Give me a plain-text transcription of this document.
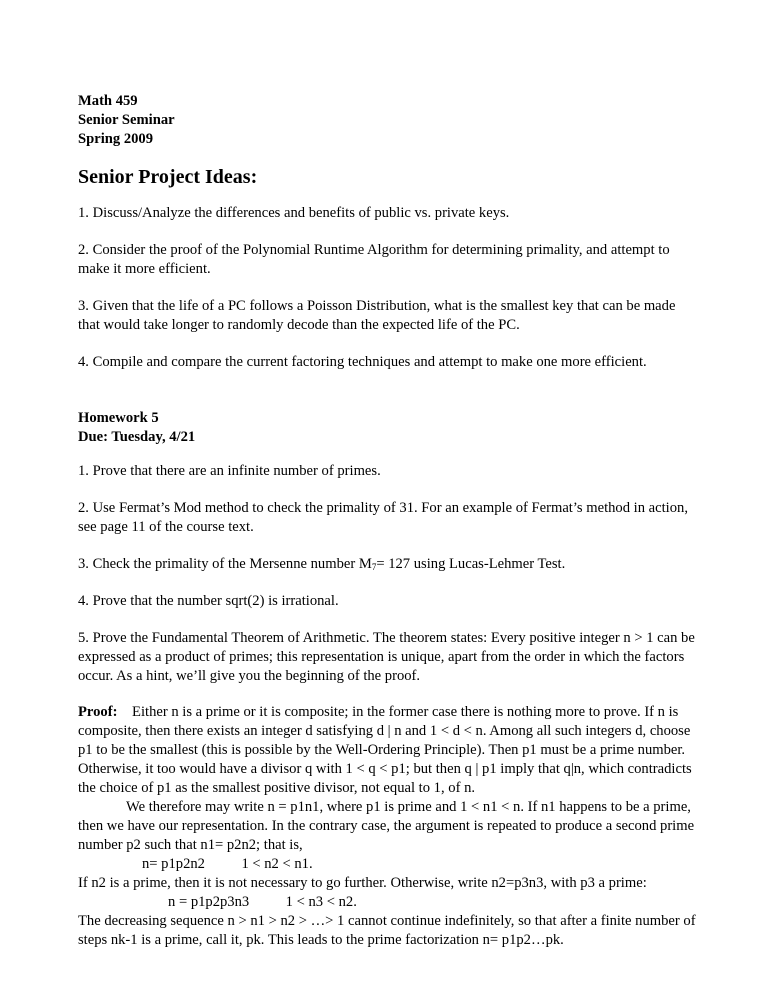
Math 459
Senior Seminar
Spring 2009
Senior Project Ideas:

1. Discuss/Analyze the differences and benefits of public vs. private keys.

2. Consider the proof of the Polynomial Runtime Algorithm for determining primality, and attempt to make it more efficient.

3. Given that the life of a PC follows a Poisson Distribution, what is the smallest key that can be made that would take longer to randomly decode than the expected life of the PC.

4. Compile and compare the current factoring techniques and attempt to make one more efficient.

Homework 5
Due: Tuesday, 4/21

1. Prove that there are an infinite number of primes.

2. Use Fermat’s Mod method to check the primality of 31. For an example of Fermat’s method in action, see page 11 of the course text.

3. Check the primality of the Mersenne number $M_7= 127$ using Lucas-Lehmer Test.

4. Prove that the number sqrt(2) is irrational.

5. Prove the Fundamental Theorem of Arithmetic. The theorem states: Every positive integer n > 1 can be expressed as a product of primes; this representation is unique, apart from the order in which the factors occur. As a hint, we’ll give you the beginning of the proof.

Proof: Either n is a prime or it is composite; in the former case there is nothing more to prove. If n is composite, then there exists an integer d satisfying d | n and 1 < d < n. Among all such integers d, choose p1 to be the smallest (this is possible by the Well-Ordering Principle). Then p1 must be a prime number. Otherwise, it too would have a divisor q with 1 < q < p1; but then q | p1 imply that q|n, which contradicts the choice of p1 as the smallest positive divisor, not equal to 1, of n.

We therefore may write n = p1n1, where p1 is prime and 1 < n1 < n. If n1 happens to be a prime, then we have our representation. In the contrary case, the argument is repeated to produce a second prime number p2 such that n1= p2n2; that is,

n= p1p2n2          1 < n2 < n1.

If n2 is a prime, then it is not necessary to go further. Otherwise, write n2=p3n3, with p3 a prime:

n = p1p2p3n3          1 < n3 < n2.

The decreasing sequence n > n1 > n2 > …> 1 cannot continue indefinitely, so that after a finite number of steps nk-1 is a prime, call it, pk. This leads to the prime factorization n= p1p2…pk.
